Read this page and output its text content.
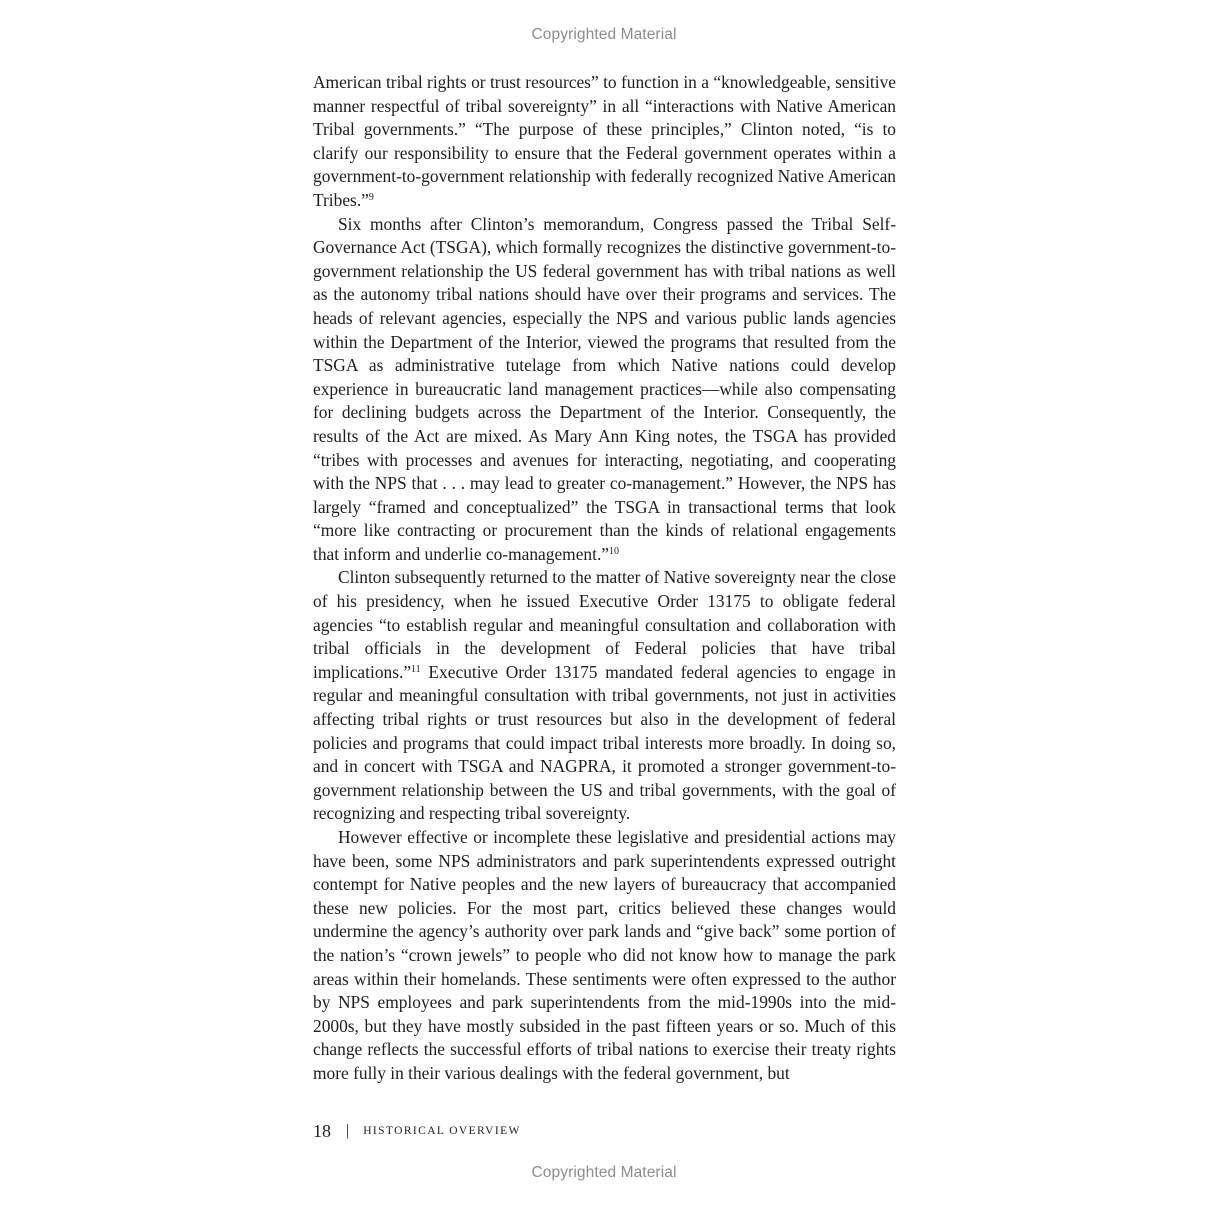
Copyrighted Material

American tribal rights or trust resources” to function in a “knowledgeable, sensitive manner respectful of tribal sovereignty” in all “interactions with Native American Tribal governments.” “The purpose of these principles,” Clinton noted, “is to clarify our responsibility to ensure that the Federal government operates within a government-to-government relationship with federally recognized Native American Tribes.”$^9$

Six months after Clinton’s memorandum, Congress passed the Tribal Self-Governance Act (TSGA), which formally recognizes the distinctive government-to-government relationship the US federal government has with tribal nations as well as the autonomy tribal nations should have over their programs and services. The heads of relevant agencies, especially the NPS and various public lands agencies within the Department of the Interior, viewed the programs that resulted from the TSGA as administrative tutelage from which Native nations could develop experience in bureaucratic land management practices—while also compensating for declining budgets across the Department of the Interior. Consequently, the results of the Act are mixed. As Mary Ann King notes, the TSGA has provided “tribes with processes and avenues for interacting, negotiating, and cooperating with the NPS that . . . may lead to greater co-management.” However, the NPS has largely “framed and conceptualized” the TSGA in transactional terms that look “more like contracting or procurement than the kinds of relational engagements that inform and underlie co-management.”$^{10}$

Clinton subsequently returned to the matter of Native sovereignty near the close of his presidency, when he issued Executive Order 13175 to obligate federal agencies “to establish regular and meaningful consultation and collaboration with tribal officials in the development of Federal policies that have tribal implications.”$^{11}$ Executive Order 13175 mandated federal agencies to engage in regular and meaningful consultation with tribal governments, not just in activities affecting tribal rights or trust resources but also in the development of federal policies and programs that could impact tribal interests more broadly. In doing so, and in concert with TSGA and NAGPRA, it promoted a stronger government-to-government relationship between the US and tribal governments, with the goal of recognizing and respecting tribal sovereignty.

However effective or incomplete these legislative and presidential actions may have been, some NPS administrators and park superintendents expressed outright contempt for Native peoples and the new layers of bureaucracy that accompanied these new policies. For the most part, critics believed these changes would undermine the agency’s authority over park lands and “give back” some portion of the nation’s “crown jewels” to people who did not know how to manage the park areas within their homelands. These sentiments were often expressed to the author by NPS employees and park superintendents from the mid-1990s into the mid-2000s, but they have mostly subsided in the past fifteen years or so. Much of this change reflects the successful efforts of tribal nations to exercise their treaty rights more fully in their various dealings with the federal government, but

18 | HISTORICAL OVERVIEW
Copyrighted Material
